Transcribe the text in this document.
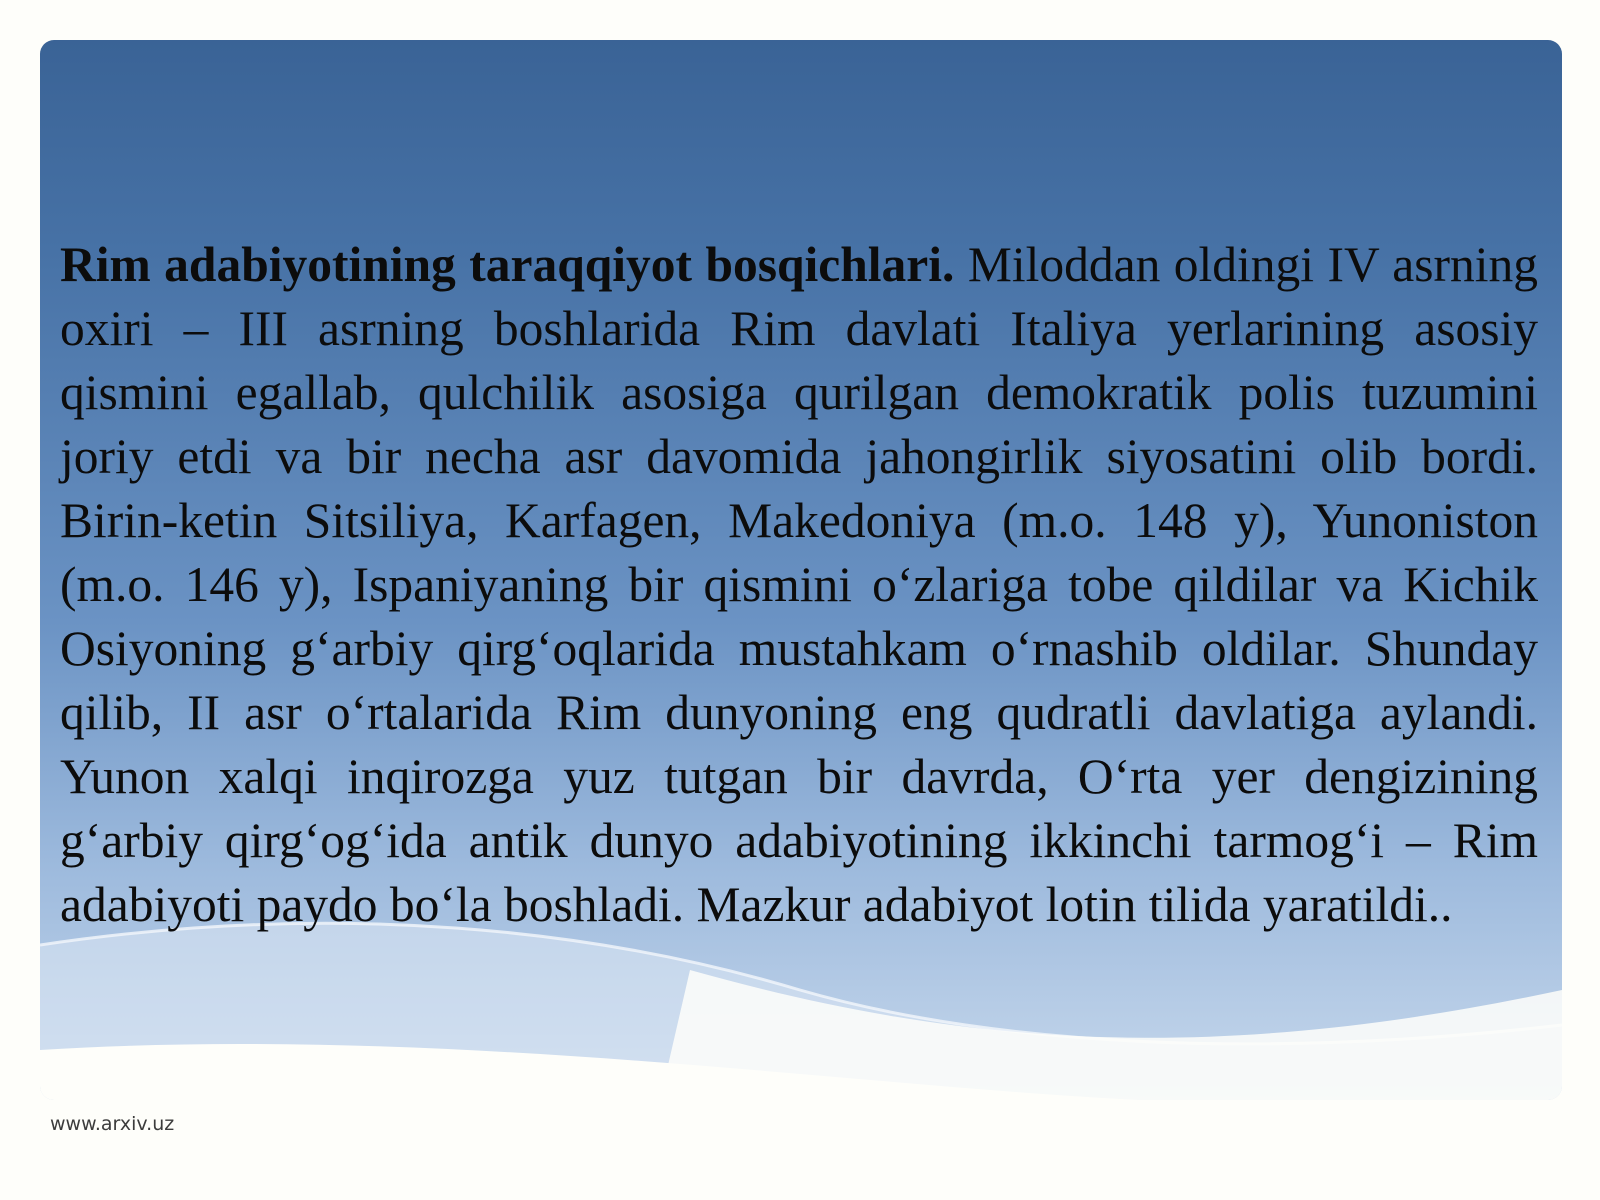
Rim adabiyotining taraqqiyot bosqichlari. Miloddan oldingi IV asrning oxiri – III asrning boshlarida Rim davlati Italiya yerlarining asosiy qismini egallab, qulchilik asosiga qurilgan demokratik polis tuzumini joriy etdi va bir necha asr davomida jahongirlik siyosatini olib bordi. Birin-ketin Sitsiliya, Karfagen, Makedoniya (m.o. 148 y), Yunoniston (m.o. 146 y), Ispaniyaning bir qismini o‘zlariga tobe qildilar va Kichik Osiyoning g‘arbiy qirg‘oqlarida mustahkam o‘rnashib oldilar. Shunday qilib, II asr o‘rtalarida Rim dunyoning eng qudratli davlatiga aylandi. Yunon xalqi inqirozga yuz tutgan bir davrda, O‘rta yer dengizining g‘arbiy qirg‘og‘ida antik dunyo adabiyotining ikkinchi tarmog‘i – Rim adabiyoti paydo bo‘la boshladi. Mazkur adabiyot lotin tilida yaratildi..

www.arxiv.uz
